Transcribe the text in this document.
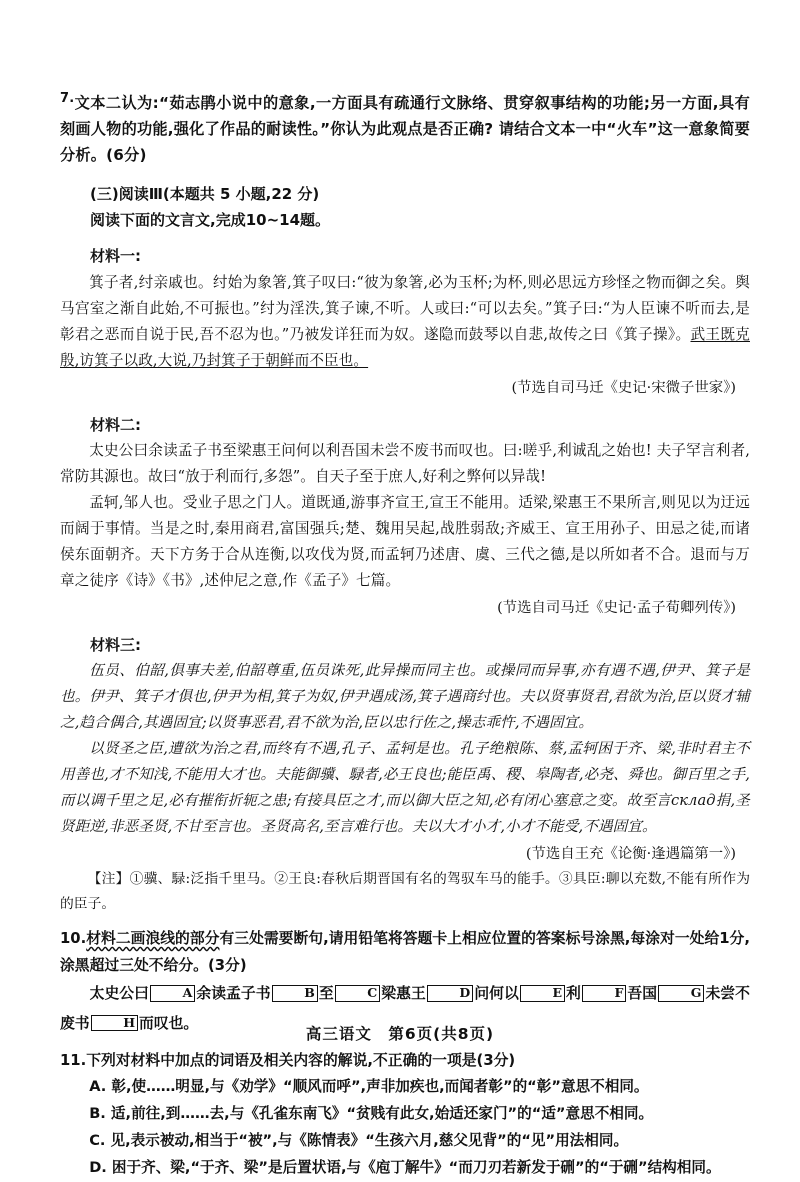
7.文本二认为:“茹志鹃小说中的意象,一方面具有疏通行文脉络、贯穿叙事结构的功能;另一方面,具有刻画人物的功能,强化了作品的耐读性。”你认为此观点是否正确? 请结合文本一中“火车”这一意象简要分析。(6分)
(三)阅读Ⅲ(本题共 5 小题,22 分)
阅读下面的文言文,完成10~14题。
材料一:
箕子者,纣亲戚也。纣始为象箸,箕子叹曰:“彼为象箸,必为玉杯;为杯,则必思远方珍怪之物而御之矣。舆马宫室之渐自此始,不可振也。”纣为淫泆,箕子谏,不听。人或曰:“可以去矣。”箕子曰:“为人臣谏不听而去,是彰君之恶而自说于民,吾不忍为也。”乃被发详狂而为奴。遂隐而鼓琴以自悲,故传之曰《箕子操》。武王既克殷,访箕子以政,大说,乃封箕子于朝鲜而不臣也。
(节选自司马迁《史记·宋微子世家》)
材料二:
太史公曰余读孟子书至梁惠王问何以利吾国未尝不废书而叹也。曰:嗟乎,利诚乱之始也! 夫子罕言利者,常防其源也。故曰“放于利而行,多怨”。自天子至于庶人,好利之弊何以异哉!
孟轲,邹人也。受业子思之门人。道既通,游事齐宣王,宣王不能用。适梁,梁惠王不果所言,则见以为迂远而阔于事情。当是之时,秦用商君,富国强兵;楚、魏用吴起,战胜弱敌;齐威王、宣王用孙子、田忌之徒,而诸侯东面朝齐。天下方务于合从连衡,以攻伐为贤,而孟轲乃述唐、虞、三代之德,是以所如者不合。退而与万章之徒序《诗》《书》,述仲尼之意,作《孟子》七篇。
(节选自司马迁《史记·孟子荀卿列传》)
材料三:
伍员、伯韶,俱事夫差,伯韶尊重,伍员诛死,此异操而同主也。或操同而异事,亦有遇不遇,伊尹、箕子是也。伊尹、箕子才俱也,伊尹为相,箕子为奴,伊尹遇成汤,箕子遇商纣也。夫以贤事贤君,君欲为治,臣以贤才辅之,趋合偶合,其遇固宜;以贤事恶君,君不欲为治,臣以忠行佐之,操志乖忤,不遇固宜。
以贤圣之臣,遭欲为治之君,而终有不遇,孔子、孟轲是也。孔子绝粮陈、蔡,孟轲困于齐、梁,非时君主不用善也,才不知浅,不能用大才也。夫能御骥、騄者,必王良也;能臣禹、稷、皋陶者,必尧、舜也。御百里之手,而以调千里之足,必有摧衔折轭之患;有接具臣之才,而以御大臣之知,必有闭心塞意之变。故至言склад捐,圣贤距逆,非恶圣贤,不甘至言也。圣贤高名,至言难行也。夫以大才小才,小才不能受,不遇固宜。
(节选自王充《论衡·逢遇篇第一》)
【注】①骥、騄:泛指千里马。②王良:春秋后期晋国有名的驾驭车马的能手。③具臣:聊以充数,不能有所作为的臣子。
10.材料二画浪线的部分有三处需要断句,请用铅笔将答题卡上相应位置的答案标号涂黑,每涂对一处给1分,涂黑超过三处不给分。(3分)
太史公曰	A 余读孟子书	B 至	C 梁惠王	D 问何以	E 利	F 吾国	G 未尝不废书	H 而叹也。
11.下列对材料中加点的词语及相关内容的解说,不正确的一项是(3分)
A. 彰,使……明显,与《劝学》“顺风而呼”,声非加疾也,而闻者彰”的“彰”意思不相同。
B. 适,前往,到……去,与《孔雀东南飞》“贫贱有此女,始适还家门”的“适”意思不相同。
C. 见,表示被动,相当于“被”,与《陈情表》“生孩六月,慈父见背”的“见”用法相同。
D. 困于齐、梁,“于齐、梁”是后置状语,与《庖丁解牛》“而刀刃若新发于硎”的“于硎”结构相同。
高三语文　第6页(共8页)
